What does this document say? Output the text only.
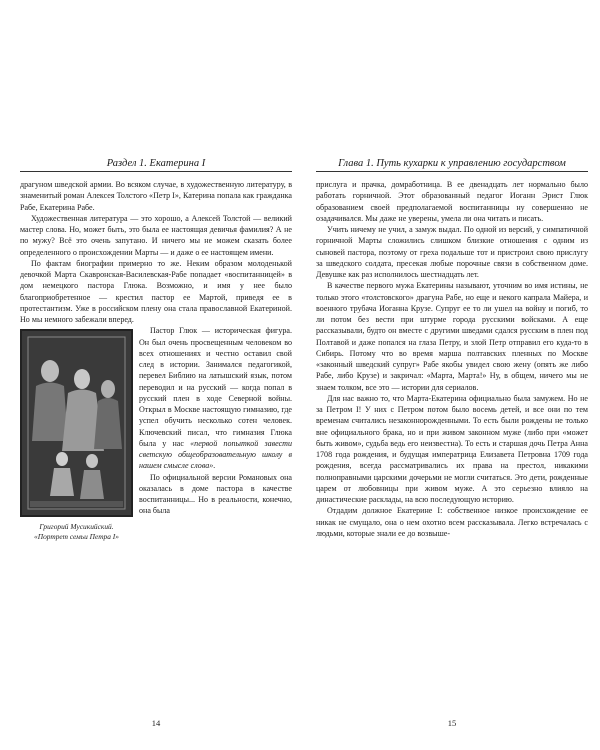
Раздел 1. Екатерина I

драгуном шведской армии. Во всяком случае, в художественную литературу, в знаменитый роман Алексея Толстого «Петр I», Катерина попала как гражданка Рабе, Екатерина Рабе.

Художественная литература — это хорошо, а Алексей Толстой — великий мастер слова. Но, может быть, это была ее настоящая девичья фамилия? А не по мужу? Всё это очень запутано. И ничего мы не можем сказать более определенного о происхождении Марты — и даже о ее настоящем имени.

По фактам биографии примерно то же. Неким образом молоденькой девочкой Марта Скавронская-Василевская-Рабе попадает «воспитанницей» в дом немецкого пастора Глюка. Возможно, и имя у нее было благоприобретенное — крестил пастор ее Мартой, приведя ее в протестантизм. Уже в российском плену она стала православной Екатериной. Но мы немного забежали вперед.

Григорий Мусикийский.
«Портрет семьи Петра I»

Пастор Глюк — историческая фигура. Он был очень просвещенным человеком во всех отношениях и честно оставил свой след в истории. Занимался педагогикой, перевел Библию на латышский язык, потом переводил и на русский — когда попал в русский плен в ходе Северной войны. Открыл в Москве настоящую гимназию, где успел обучить несколько сотен человек. Ключевский писал, что гимназия Глюка была у нас «первой попыткой завести светскую общеобразовательную школу в нашем смысле слова».

По официальной версии Романовых она оказалась в доме пастора в качестве воспитанницы... Но в реальности, конечно, она была

14
Глава 1. Путь кухарки к управлению государством

прислуга и прачка, домработница. В ее двенадцать лет нормально было работать горничной. Этот образованный педагог Иоганн Эрист Глюк образованием своей предполагаемой воспитанницы ну совершенно не озадачивался. Мы даже не уверены, умела ли она читать и писать.

Учить ничему не учил, а замуж выдал. По одной из версий, у симпатичной горничной Марты сложились слишком близкие отношения с одним из сыновей пастора, поэтому от греха подальше тот и пристроил свою прислугу за шведского солдата, пресекая любые порочные связи в собственном доме. Девушке как раз исполнилось шестнадцать лет.

В качестве первого мужа Екатерины называют, уточним во имя истины, не только этого «толстовского» драгуна Рабе, но еще и некого капрала Майера, и военного трубача Иоганна Крузе. Супруг ее то ли ушел на войну и погиб, то ли потом без вести при штурме города русскими войсками. А еще рассказывали, будто он вместе с другими шведами сдался русским в плен под Полтавой и даже попался на глаза Петру, и злой Петр отправил его куда-то в Сибирь. Потому что во время марша полтавских пленных по Москве «законный шведский супруг» Рабе якобы увидел свою жену (опять же либо Рабе, либо Крузе) и закричал: «Марта, Марта!» Ну, в общем, ничего мы не знаем толком, все это — истории для сериалов.

Для нас важно то, что Марта-Екатерина официально была замужем. Но не за Петром I! У них с Петром потом было восемь детей, и все они по тем временам считались незаконнорожденными. То есть были рождены не только вне официального брака, но и при живом законном муже (либо при «может быть живом», судьба ведь его неизвестна). То есть и старшая дочь Петра Анна 1708 года рождения, и будущая императрица Елизавета Петровна 1709 года рождения, всегда рассматривались их права на престол, никакими полноправными царскими дочерьми не могли считаться. Это дети, рожденные царем от любовницы при живом муже. А это серьезно влияло на династические расклады, на всю последующую историю.

Отдадим должное Екатерине I: собственное низкое происхождение ее никак не смущало, она о нем охотно всем рассказывала. Легко встречалась с людьми, которые знали ее до возвыше-

15
